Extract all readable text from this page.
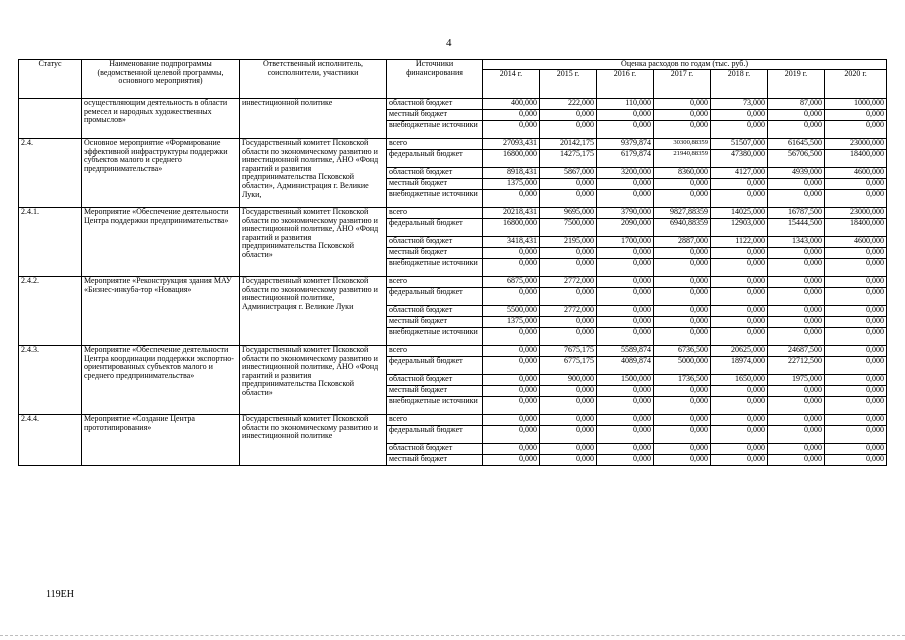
4
Статус	Наименование подпрограммы (ведомственной целевой программы, основного мероприятия)	Ответственный исполнитель, соисполнители, участники	Источники финансирования	Оценка расходов по годам (тыс. руб.)						
				2014 г.	2015 г.	2016 г.	2017 г.	2018 г.	2019 г.	2020 г.
	осуществляющим деятельность в области ремесел и народных художественных промыслов»	инвестиционной политике	областной бюджет	400,000	222,000	110,000	0,000	73,000	87,000	1000,000
			местный бюджет	0,000	0,000	0,000	0,000	0,000	0,000	0,000
			внебюджетные источники	0,000	0,000	0,000	0,000	0,000	0,000	0,000
2.4.	Основное мероприятие «Формирование эффективной инфраструктуры поддержки субъектов малого и среднего предпринимательства»	Государственный комитет Псковской области по экономическому развитию и инвестиционной политике, АНО «Фонд гарантий и развития предпринимательства Псковской области», Администрация г. Великие Луки,	всего	27093,431	20142,175	9379,874	30300,88359	51507,000	61645,500	23000,000
			федеральный бюджет	16800,000	14275,175	6179,874	21940,88359	47380,000	56706,500	18400,000
			областной бюджет	8918,431	5867,000	3200,000	8360,000	4127,000	4939,000	4600,000
			местный бюджет	1375,000	0,000	0,000	0,000	0,000	0,000	0,000
			внебюджетные источники	0,000	0,000	0,000	0,000	0,000	0,000	0,000
2.4.1.	Мероприятие «Обеспечение деятельности Центра поддержки предпринимательства»	Государственный комитет Псковской области по экономическому развитию и инвестиционной политике, АНО «Фонд гарантий и развития предпринимательства Псковской области»	всего	20218,431	9695,000	3790,000	9827,88359	14025,000	16787,500	23000,000
			федеральный бюджет	16800,000	7500,000	2090,000	6940,88359	12903,000	15444,500	18400,000
			областной бюджет	3418,431	2195,000	1700,000	2887,000	1122,000	1343,000	4600,000
			местный бюджет	0,000	0,000	0,000	0,000	0,000	0,000	0,000
			внебюджетные источники	0,000	0,000	0,000	0,000	0,000	0,000	0,000
2.4.2.	Мероприятие «Реконструкция здания МАУ «Бизнес-инкуба-тор «Новация»	Государственный комитет Псковской области по экономическому развитию и инвестиционной политике, Администрация г. Великие Луки	всего	6875,000	2772,000	0,000	0,000	0,000	0,000	0,000
			федеральный бюджет	0,000	0,000	0,000	0,000	0,000	0,000	0,000
			областной бюджет	5500,000	2772,000	0,000	0,000	0,000	0,000	0,000
			местный бюджет	1375,000	0,000	0,000	0,000	0,000	0,000	0,000
			внебюджетные источники	0,000	0,000	0,000	0,000	0,000	0,000	0,000
2.4.3.	Мероприятие «Обеспечение деятельности Центра координации поддержки экспортно-ориентированных субъектов малого и среднего предпринимательства»	Государственный комитет Псковской области по экономическому развитию и инвестиционной политике, АНО «Фонд гарантий и развития предпринимательства Псковской области»	всего	0,000	7675,175	5589,874	6736,500	20625,000	24687,500	0,000
			федеральный бюджет	0,000	6775,175	4089,874	5000,000	18974,000	22712,500	0,000
			областной бюджет	0,000	900,000	1500,000	1736,500	1650,000	1975,000	0,000
			местный бюджет	0,000	0,000	0,000	0,000	0,000	0,000	0,000
			внебюджетные источники	0,000	0,000	0,000	0,000	0,000	0,000	0,000
2.4.4.	Мероприятие «Создание Центра прототипирования»	Государственный комитет Псковской области по экономическому развитию и инвестиционной политике	всего	0,000	0,000	0,000	0,000	0,000	0,000	0,000
			федеральный бюджет	0,000	0,000	0,000	0,000	0,000	0,000	0,000
			областной бюджет	0,000	0,000	0,000	0,000	0,000	0,000	0,000
			местный бюджет	0,000	0,000	0,000	0,000	0,000	0,000	0,000
119ЕН
